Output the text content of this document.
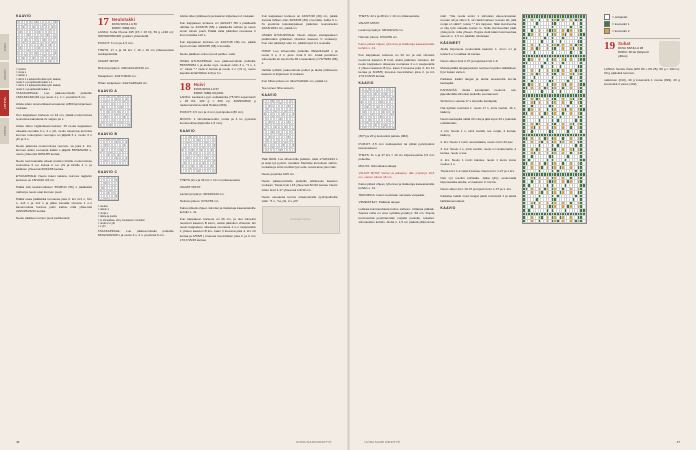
SUKAT
LAPASET
NEULEET
OHJEET
KAAVIO
= neulos
= nurja s
= oikein s
= siirrä 1 s aplaussilmukka työn taakse,
neulo 1 o ja aplaussilmukan s o
= siirrä 1 s aplaussilmukka työn taakse,
neulo 1 o ja aplaussilmukan o

TAKAKAPPALE: Luo pääsuunnitelle pulkoille 152/162/182/194 s ja neulo 1 s, 1 n -joustinta 5 cm.

Aloita sitten sivunurkkauma kaavion A/B/C/a) kirjanteen mukaan.

Kun kappaleen korkeus on 44 cm, päätä molemmissa reunoissa kainaloita 2x sarjan (ei s.

Aloita sitten raglanikavennukset: 15 neula kappaleen oikealla reunalla 3 o, 2 o yht, neulo vasempa kerrosta kunnes molempien reunojen on jäljellä 5 s, neulo 3 n yht ja 3 o.

Neulo jatkossa molemmissa reunois- sa joka 4. krs. kunnes aidon reunasta kaikki s jäljellä 55/56/62/66 s, neulo yhteensä 60/61/65 kertaa.

Neulo kerrosaivalla oikeat puolien kirsille molemmissa reunoissa 3 o-n kokoa 2 o-n yht ja kirsille 4 s. ja kaikkien yhteensä 60/61/65 kertaa.

ETUKAPPALE: Neulo kuten takana, kunnes raglanin korkeus on 18/19/20 /23 cm.

Päätä sitä keskimmäisten 55/28/44 (56) s päällekkä nathat ja neulo osat kunnen puoli.

Päätä osaa päällekkä reunassa joka 3. krs 1x1 s, 3x1 s, 1x3 s ja 1x2 s ja jätka samalla sivussa 1 o-n kavennuksia kunnes jokin kaltuu niitä yhteensä 220/225/26/42 kertaa.

Neulo päälleen toinen puoli peilikuvasti.

17 Neulotakki
KUVA SIVULLA 56
KOKO: S/M(L/XL)

LANKA: Kuha Puuna 195 (15 = 15 hl), 50 g +190 m): 300/300/350/400 g taikon yhteistiellä.

PUIKOT: 3 mm ja 4,5 mm.

THETS: 17 s ja 34 krs = 10 x 10 cm pitkaneuleita sukkapuikoilla.

VALMIT MITAT:

Rinnanympärys: 100/110/118/130 cm.

Takapituus: 44/47/48/49 cm.

Hihan sisäpituus: 44/a7/a48/a49 cm.

KAAVIO A
KAAVIO B
KAAVIO C
= neulos
= oikein s
= nurja s
= oikea ja puolta
= ei silmukkaa, siirry sivutasoon merkkiin
= neulo 2 o yht
= s yhi

TAKAKAPPALE: Luo pääsuunnitelle pulkoille 84/92/100/108 s ja neulo 3 s, 2 n -joustinta 6 cm.

Aloita sitten pitkiteeulo ja kaavion kirjanteen A mukaan.

Kun kappaleen korkeus on 40/44/47 /50 s päälleellä raihtaa ne 32/33/35 (56) s päälleellä varhan ja neulo ensin toinen puoli. Päätä valla pääntien reunassa 3 krsn kutoilaa 1x6 s.

Kun kappaleen korkeus on 44/47/48 /49) cm, päätä loput ell olan 30/33/35 (38) s kerralla.

Neulo päälleen toinen puoli peiliku- vasti.

OIKEA ETUKAPPALE: Luo pääsuunnitelle pulkoille 55/53/59/62 s ja aloita myö- neuleet rukin 3 o, *1 s, 1 o*, toista *-* vielä 2 kertaa ja neulo 1 n (=9 s), neulo kapulla 42/at/300/at 1/4l ja 3 n.

18 Huivi
KUVA SIVULLA 57
KOKO: S/M(L/XL)/XXL

LANKA: Lankava Lyyti -sukkalanka (75 WO superwash + 25 PA, 100 g = 300 m): 400/500/500 g nadenvarvisina väriä Heikka (069).

PUIKOT: 3,5 mm ja 4 mm pyöröpuikot (80 cm).

MOUTA: 1 silmukkamerkki, neula ja 3 kx pyöreitä kumineuhaa (läpimitta 1,5 mm).

KAAVIO

THETS (2) s ja 34 krs = 10 cm pitkaneuleita.

VALMIT MITAT:

Lantionympärys: 98/109/120 cm.

Helman pituus: 67/22/56 cm.

Katso piiketä ohjeet, kiinnitet ja lisätietoja kaavasteluille kohdin s. 41.

Kun kappaleen korkeus on 26 cm, ja olet viimeksi neulonut kaavion B kerro, aloita pääntien viistotus. Eli neulo kappaleen oikeassa reunassa 4 o-n ssapuolella 1 yhteen kaavion B kru- kaan 3 kroessa joka 4. krs 10 kertaa ja 4/5/5/5 ) kroessa svennilelien joka 2. ja 4. krs 17/17/15/15 kertaa.

Kun kappaleen korkeus on 44/6/7/48 (49) cm, päätä sivusta lähtien olan 30/33/35 (38) s kerralla. Jatka 9 o-3s joustinta kokokappaleen pääntien reunukseksi 16/18/19/21 cm, päätä s:t.

VASEN ETUKAPPALE: Neulo oikean etukappaleen peilikuvaksi (pääntien viistotus kaavion C mukaan). Kun olet päätellyt olan s:t, päätä loput 9 s reunalla.

HIHAT: Luo sihuennille pulkoille 38/a2/44/a48 s ja neulo 3 o, 2 n -jous- tinta 6 cm. Lisää joustinten viimeisellä eli isa krs:lla 38 s tasavälein (=76/78/82 (86) s.

Vaihda tyhtikin pakeuntimat pulkot ja aloita pitkiteeulo kaavion A kirjanteen A mukaan.

Kun hihan pituus on 44/a/7/a8/a51 cm, päätä s:t.

Tee toinen hiha samoin.

KAAVIO

TEE NÄIN: Luo sihuennille pulkitar- toille 174/24/224 s ja sulje työ pyöröt- neulaksi. Merkitse kerroksen vaihto- mokatta ja sirrä merkitä työn ede- tessä aina ylemmäs.

Neulo joustinta 10/6 cm.

Neulo pääsuunnitelle pulkoille pitkiteeulo kaavion mukaan. Toista kroit t-15 yhteensä 8/1/10 kertaa. Neulo sitten kroit 1-17 yhteensä 1/2/10 cm.

Neulo vasuassa kerros ohaametralla pyöröpulkoilla välin: *1 n, *se yhi, 2 o yhi*.

Hormaali mitoitus
46	ULTRA SUURI KIRJOTYÖ

THETS: 22 s ja 28 krs = 10 cm pitkaneuleita.

VALMIT MITAT:

Lantionympärys: 98/109/120 cm.

Helman pituus: 67/22/56 cm.

Katso piiketi ohjeet, lyhennet ja lisätietoja kaavasteluille kohdin s. 41.

Kun kappaleen korkeus on 26 cm ja olet viimeksi neulonut kaavion B kroit, aloita pääntien viistotus. Eli neulo kappaleen oikeassa reunassa 4 o-n ssapuolella 1 yhteen kaavion B kru- kaan 3 kroessa joka 4. krs 10 kertaa ja 3/4/5/5) kroessa svennilelien joka 2. ja krs 17/17/15/15 kertaa.

KAAVIO

(30?) ja 20 g kuviovärä pakste (082).

PUIKOT: 3,5 mm sukkapuikot tai pitkät pyöröpuikot kavopuskeen.

THETS: 3x s ja 37 krs = 10 cm kirjanneuletta 3,5 mm puikoilla.

MUUTA: Silmukkamerkkejä.

VALMIT MITAT: Varren ja jalkapöy- dän ympärys 19,5 cm, varren pituus 18 cm.

Katso piiketi ohjeet, lyhennet ja lisätietoja kaavasteluille kohdin s. 41.

TEKNIIKKA: kokot neulotaan varvasta varpaalle.

VIIMEISTELY: Päättele langat.

Leikkaa kumineuhasta kolme sahvan- mittaista pätkää. Sopiva mitta on oma nyrkkiä+ympärys -50 cm. Pujota kumineuhat joustinkerdan nurjalle puolelle, sokeilen silmukoiden kohtiin. Aloita n. 1,5 cm päästä yllärennsta näin: *Ala neula ensin 1 silmukan alueenmassan reunan alt ja vilten 3, siri takimmaisen reunan alt, jätä nurjat s:t väliin*, toista *-* krs loppuun. Näin kumineuha ei näy työn oikealle puolel- le. Solle kumineuhan päät yhdeysmit- tolla yhteen. Pujota vielä kaksi kumineuhaa samoin n. 1,5 cm päähän toisistaan.

KÄSINEET

Aloita kirjoneule neulomalla kaavion 1. krs:n o:t ja toista 6 o:n malltaa 11 kertaa.

Neulo sitten krsit 2-37 ja loputtaa kroit 1-9.

Muista jättää langanjuoksut sopivan löysiksi vältääksen hyvi tiukan varren.

Katkaise kaikki langat ja aloita sievasrulla kro:lla kantapää.

KANTAPÄÄ: Aloita kantapään neulomi- nen jäjestämällä silmukat puikoille seuraavesti:

Siirrä kro:n alusta 17 s sikoville kantapää.

Ota kyliden kuviruist 1. neulo 17 s, sirrä merkki, 16 s, käänny.

Neulo kantapää näillä 33 s:lla ja jätä loput 33 s puikoille edistämään.

1. krs: Neulo 1 s, sirrä merkki, tee nurjat, 2 kertaa, käänny.

2. krs: Neulo 1 nurin neulostakka, neulo nurin 43 pav.

3. krs: Neulo 1 s, sirrä merkki, neulo s:n kulkematta, 2 kertaa, neulo s:ssa.

4. krs: Neulo 1 nurin kaislea, neulo 1 kuvio kuvio neulee 1 s.

Toista krs:t 1-2 vielä 9 kertaa. Neulo krs:t 1-27 ja 1 krs.

Olet nyt merkin kohdalla. Jatka lyhty neulomalla kirjoneulatta aloitta- en kaavion 9. krs:lta.

Neulo sitten krs:t 10-37 ja loputin krs:t 1-37 ja 1. krs.

Katkaise kaikki muut langat paitsi kuviovärii 1 ja aloita kärkiäsvennukset.

KAAVIO
= pohjaväri
= kuvioväri 1
= kuvioväri 2
19 Sukat
KUVA SIVULLA 28
KOKO: 39 tai (helposti yllitus)

LANKA: Novita Vista (WO 80 + PA 25), 50 g = 190 m): 60 g päävärä luonnon-

valkoinen (010), 40 g kuviovärä 1 musta (099), 20 g kuviovärä 2 vares (102).

ULTRA SUURI KIRJOTYÖ	47
